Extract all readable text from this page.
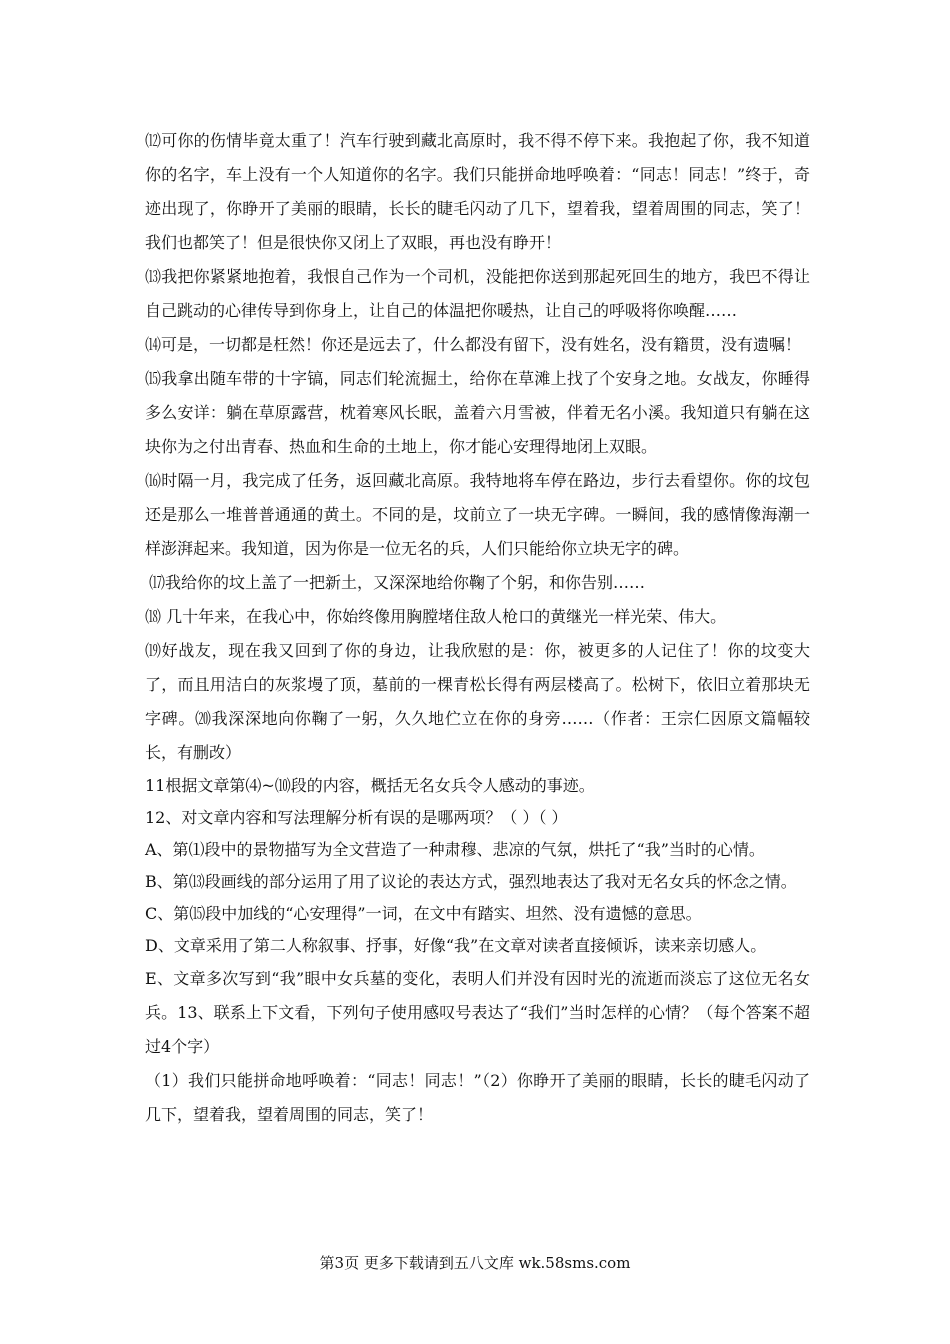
⑿可你的伤情毕竟太重了！汽车行驶到藏北高原时，我不得不停下来。我抱起了你，我不知道你的名字，车上没有一个人知道你的名字。我们只能拼命地呼唤着：“同志！同志！”终于，奇迹出现了，你睁开了美丽的眼睛，长长的睫毛闪动了几下，望着我，望着周围的同志，笑了！我们也都笑了！但是很快你又闭上了双眼，再也没有睁开！

⒀我把你紧紧地抱着，我恨自己作为一个司机，没能把你送到那起死回生的地方，我巴不得让自己跳动的心律传导到你身上，让自己的体温把你暖热，让自己的呼吸将你唤醒……

⒁可是，一切都是枉然！你还是远去了，什么都没有留下，没有姓名，没有籍贯，没有遗嘱！

⒂我拿出随车带的十字镐，同志们轮流掘土，给你在草滩上找了个安身之地。女战友，你睡得多么安详：躺在草原露营，枕着寒风长眠，盖着六月雪被，伴着无名小溪。我知道只有躺在这块你为之付出青春、热血和生命的土地上，你才能心安理得地闭上双眼。

⒃时隔一月，我完成了任务，返回藏北高原。我特地将车停在路边，步行去看望你。你的坟包还是那么一堆普普通通的黄土。不同的是，坟前立了一块无字碑。一瞬间，我的感情像海潮一样澎湃起来。我知道，因为你是一位无名的兵，人们只能给你立块无字的碑。

⒄我给你的坟上盖了一把新土，又深深地给你鞠了个躬，和你告别……

⒅ 几十年来，在我心中，你始终像用胸膛堵住敌人枪口的黄继光一样光荣、伟大。

⒆好战友，现在我又回到了你的身边，让我欣慰的是：你，被更多的人记住了！你的坟变大了，而且用洁白的灰浆墁了顶，墓前的一棵青松长得有两层楼高了。松树下，依旧立着那块无字碑。⒇我深深地向你鞠了一躬，久久地伫立在你的身旁……（作者：王宗仁因原文篇幅较长，有删改）

11根据文章第⑷~⑽段的内容，概括无名女兵令人感动的事迹。

12、对文章内容和写法理解分析有误的是哪两项？（ ）（ ）

A、第⑴段中的景物描写为全文营造了一种肃穆、悲凉的气氛，烘托了“我”当时的心情。

B、第⒀段画线的部分运用了用了议论的表达方式，强烈地表达了我对无名女兵的怀念之情。

C、第⒂段中加线的“心安理得”一词，在文中有踏实、坦然、没有遗憾的意思。

D、文章采用了第二人称叙事、抒事，好像“我”在文章对读者直接倾诉，读来亲切感人。

E、文章多次写到“我”眼中女兵墓的变化，表明人们并没有因时光的流逝而淡忘了这位无名女兵。13、联系上下文看，下列句子使用感叹号表达了“我们”当时怎样的心情？（每个答案不超过4个字）

（1）我们只能拼命地呼唤着：“同志！同志！”（2）你睁开了美丽的眼睛，长长的睫毛闪动了几下，望着我，望着周围的同志，笑了！

第3页 更多下载请到五八文库 wk.58sms.com
